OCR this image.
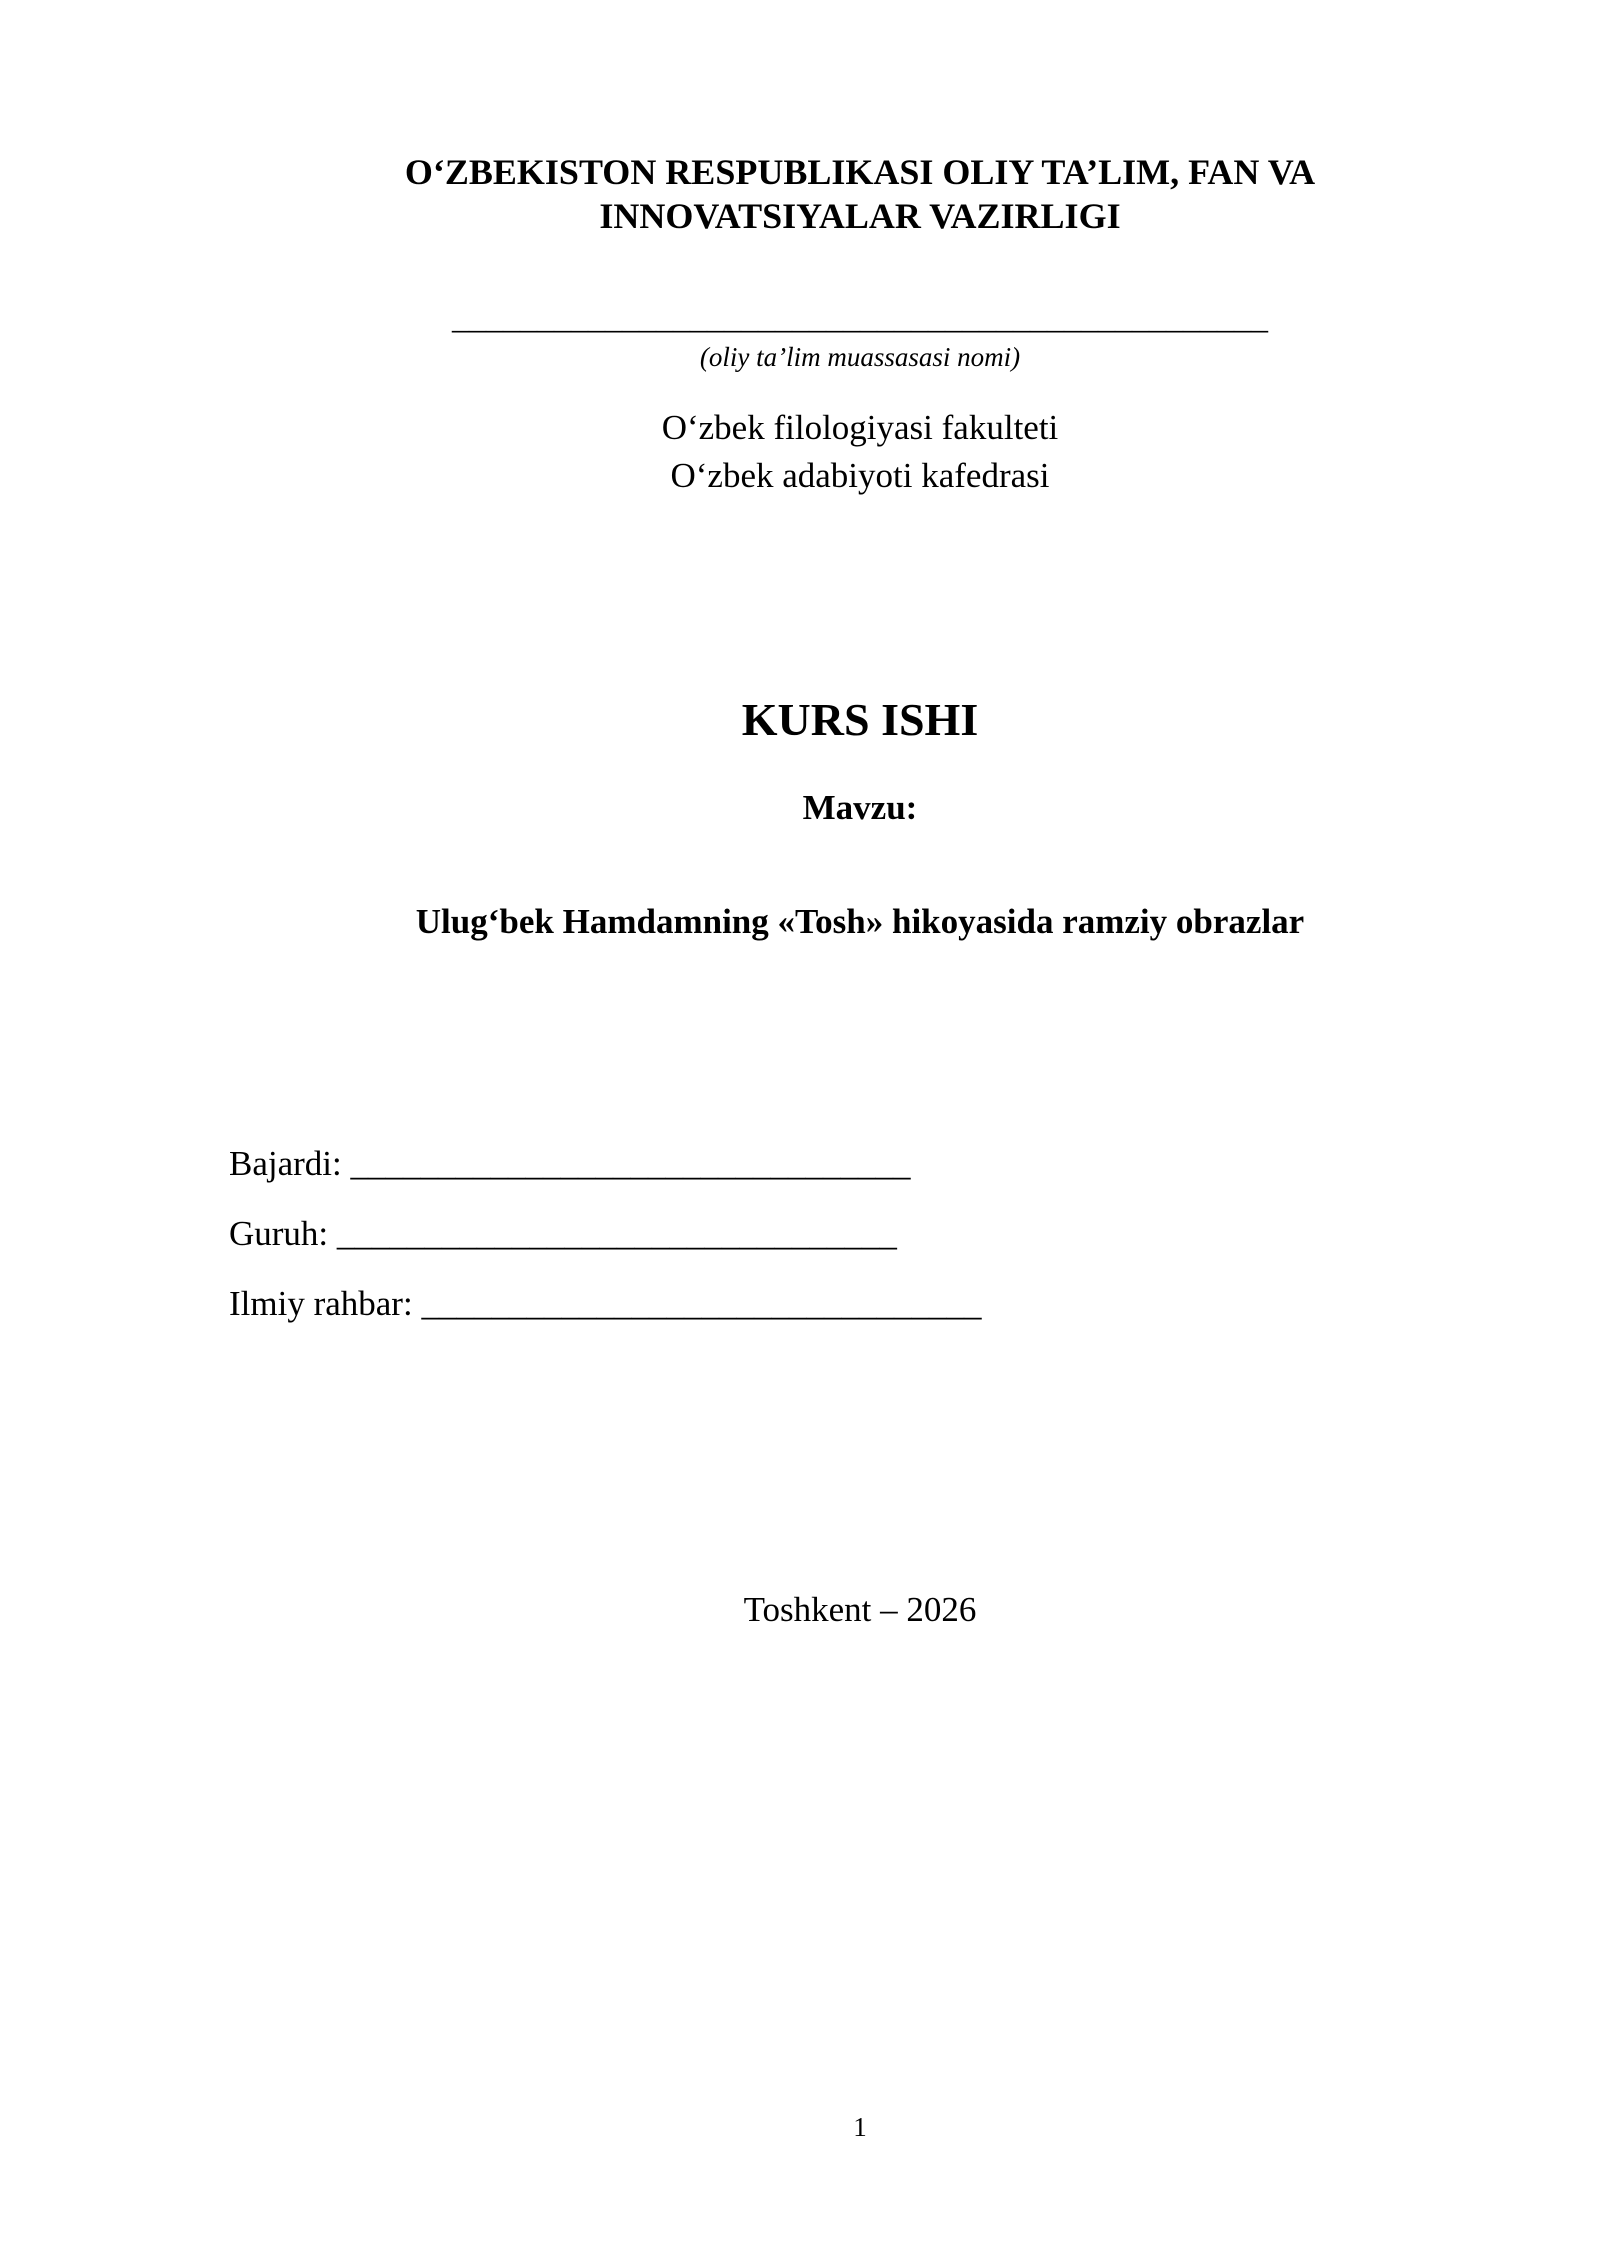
O‘ZBEKISTON RESPUBLIKASI OLIY TA’LIM, FAN VA
INNOVATSIYALAR VAZIRLIGI
________________________________________________
(oliy ta’lim muassasasi nomi)
O‘zbek filologiyasi fakulteti
O‘zbek adabiyoti kafedrasi
KURS ISHI
Mavzu:
Ulug‘bek Hamdamning «Tosh» hikoyasida ramziy obrazlar
Bajardi: ________________________________
Guruh: ________________________________
Ilmiy rahbar: ________________________________
Toshkent – 2026
1
